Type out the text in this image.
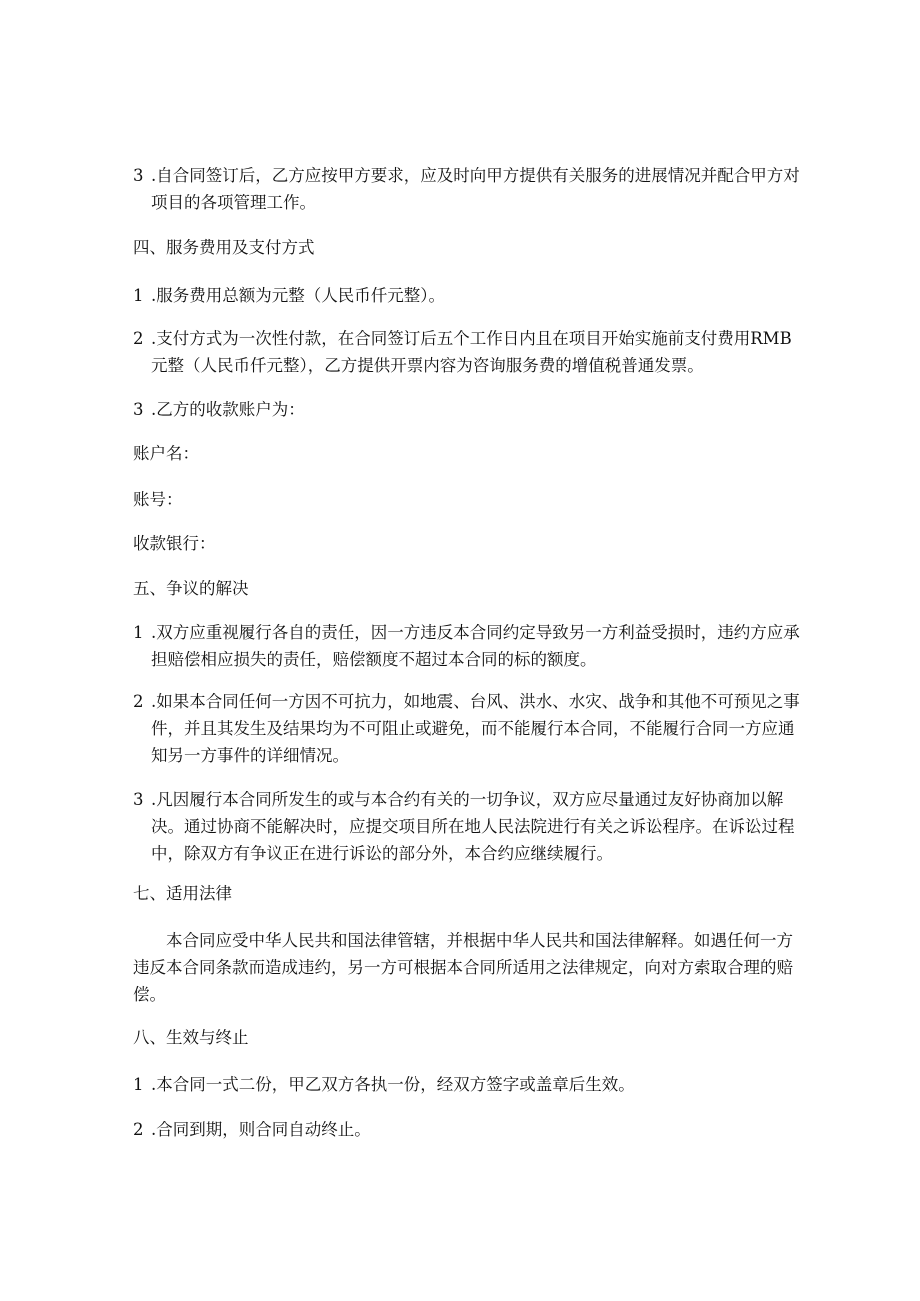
3 .自合同签订后，乙方应按甲方要求，应及时向甲方提供有关服务的进展情况并配合甲方对项目的各项管理工作。

四、服务费用及支付方式

1 .服务费用总额为元整（人民币仟元整）。
2 .支付方式为一次性付款，在合同签订后五个工作日内且在项目开始实施前支付费用RMB元整（人民币仟元整），乙方提供开票内容为咨询服务费的增值税普通发票。
3 .乙方的收款账户为：

账户名：

账号：

收款银行：

五、争议的解决

1 .双方应重视履行各自的责任，因一方违反本合同约定导致另一方利益受损时，违约方应承担赔偿相应损失的责任，赔偿额度不超过本合同的标的额度。
2 .如果本合同任何一方因不可抗力，如地震、台风、洪水、水灾、战争和其他不可预见之事件，并且其发生及结果均为不可阻止或避免，而不能履行本合同，不能履行合同一方应通知另一方事件的详细情况。
3 .凡因履行本合同所发生的或与本合约有关的一切争议，双方应尽量通过友好协商加以解决。通过协商不能解决时，应提交项目所在地人民法院进行有关之诉讼程序。在诉讼过程中，除双方有争议正在进行诉讼的部分外，本合约应继续履行。

七、适用法律

本合同应受中华人民共和国法律管辖，并根据中华人民共和国法律解释。如遇任何一方违反本合同条款而造成违约，另一方可根据本合同所适用之法律规定，向对方索取合理的赔偿。

八、生效与终止

1 .本合同一式二份，甲乙双方各执一份，经双方签字或盖章后生效。
2 .合同到期，则合同自动终止。
